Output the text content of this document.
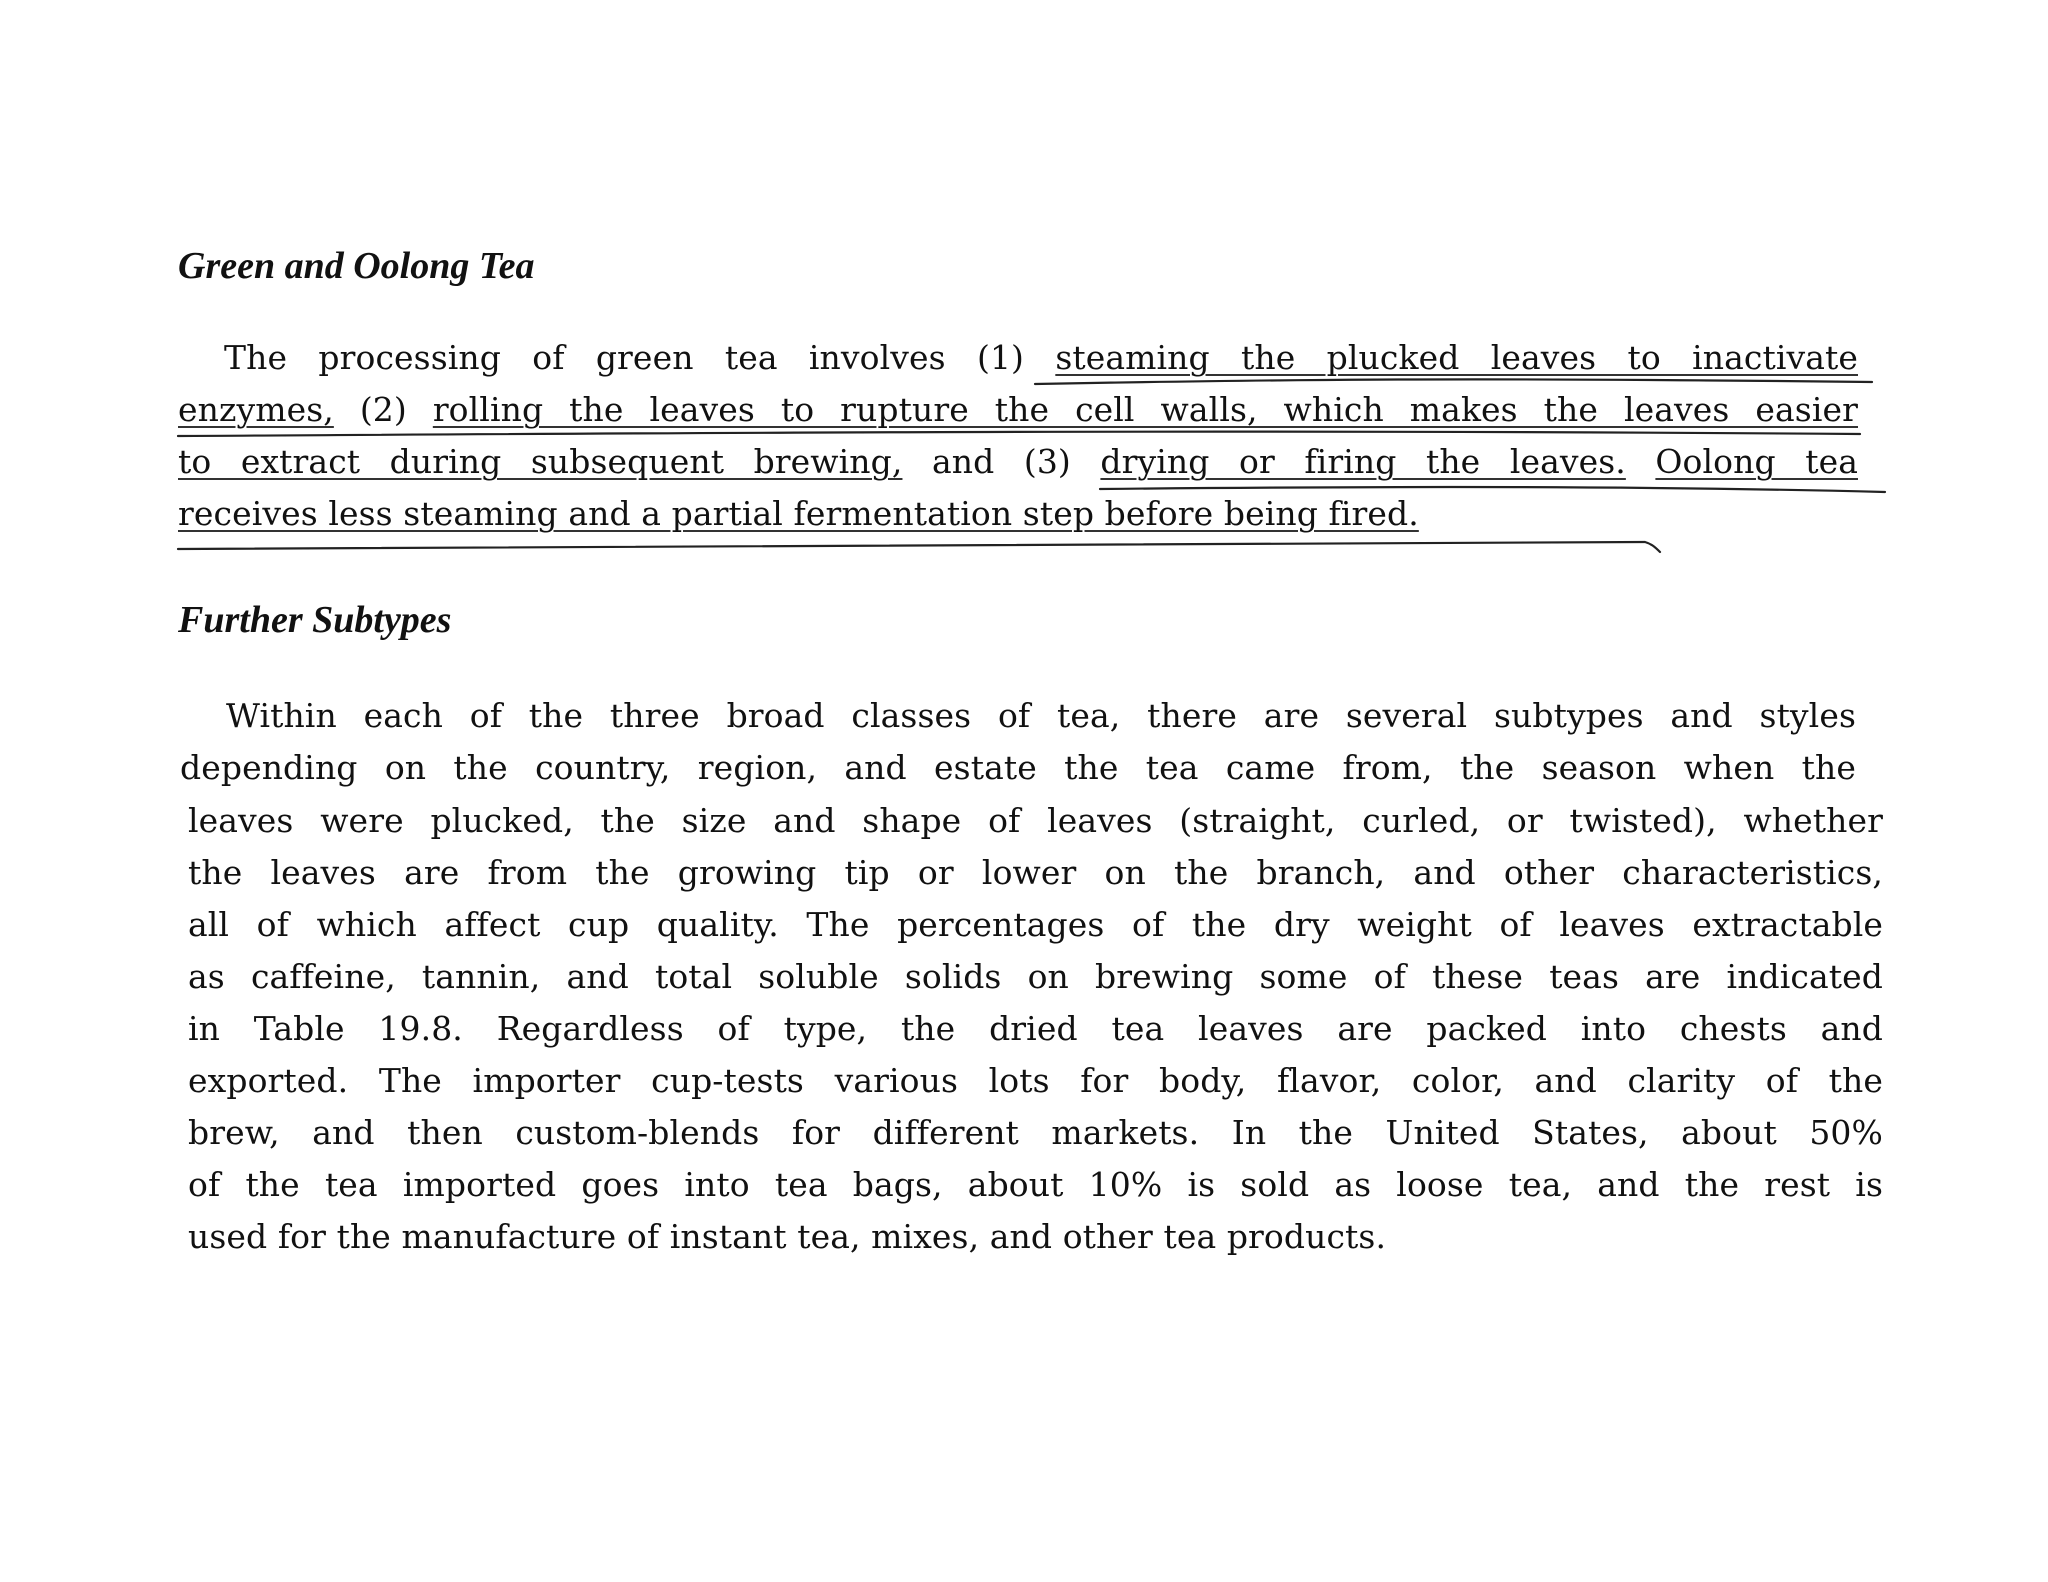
Green and Oolong Tea
The processing of green tea involves (1) steaming the plucked leaves to inactivate
enzymes, (2) rolling the leaves to rupture the cell walls, which makes the leaves easier
to extract during subsequent brewing, and (3) drying or firing the leaves. Oolong tea
receives less steaming and a partial fermentation step before being fired.
Further Subtypes
Within each of the three broad classes of tea, there are several subtypes and styles
depending on the country, region, and estate the tea came from, the season when the
leaves were plucked, the size and shape of leaves (straight, curled, or twisted), whether
the leaves are from the growing tip or lower on the branch, and other characteristics,
all of which affect cup quality. The percentages of the dry weight of leaves extractable
as caffeine, tannin, and total soluble solids on brewing some of these teas are indicated
in Table 19.8. Regardless of type, the dried tea leaves are packed into chests and
exported. The importer cup-tests various lots for body, flavor, color, and clarity of the
brew, and then custom-blends for different markets. In the United States, about 50%
of the tea imported goes into tea bags, about 10% is sold as loose tea, and the rest is
used for the manufacture of instant tea, mixes, and other tea products.
